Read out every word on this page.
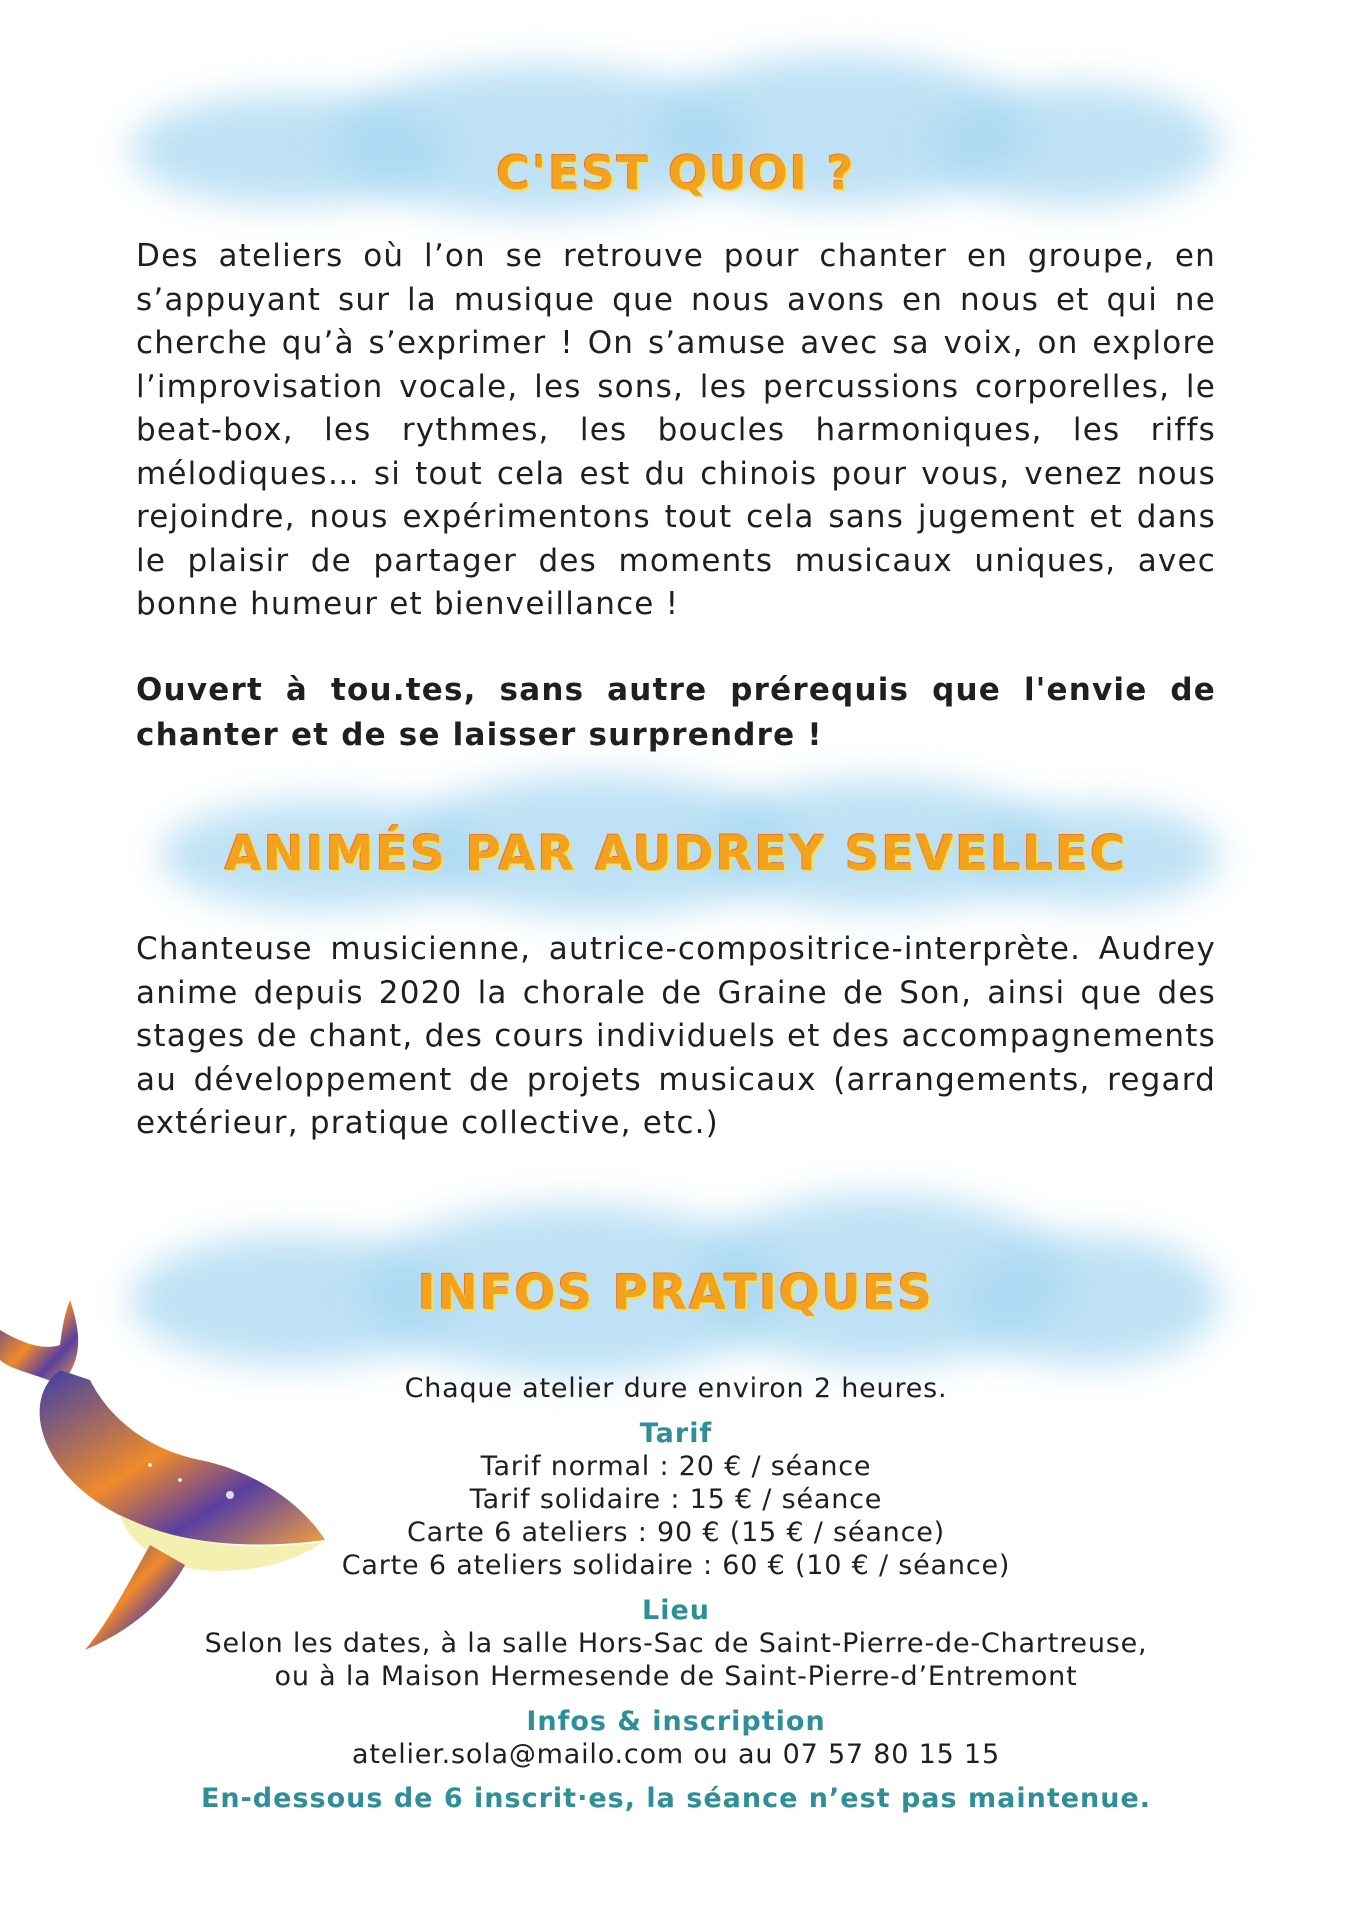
C'EST QUOI ?

Des ateliers où l’on se retrouve pour chanter en groupe, en s’appuyant sur la musique que nous avons en nous et qui ne cherche qu’à s’exprimer ! On s’amuse avec sa voix, on explore l’improvisation vocale, les sons, les percussions corporelles, le beat-box, les rythmes, les boucles harmoniques, les riffs mélodiques… si tout cela est du chinois pour vous, venez nous rejoindre, nous expérimentons tout cela sans jugement et dans le plaisir de partager des moments musicaux uniques, avec bonne humeur et bienveillance !

Ouvert à tou.tes, sans autre prérequis que l'envie de chanter et de se laisser surprendre !

ANIMÉS PAR AUDREY SEVELLEC

Chanteuse musicienne, autrice-compositrice-interprète. Audrey anime depuis 2020 la chorale de Graine de Son, ainsi que des stages de chant, des cours individuels et des accompagnements au développement de projets musicaux (arrangements, regard extérieur, pratique collective, etc.)

INFOS PRATIQUES

Chaque atelier dure environ 2 heures.

Tarif

Tarif normal : 20 € / séance

Tarif solidaire : 15 € / séance

Carte 6 ateliers : 90 € (15 € / séance)

Carte 6 ateliers solidaire : 60 € (10 € / séance)

Lieu

Selon les dates, à la salle Hors-Sac de Saint-Pierre-de-Chartreuse,

ou à la Maison Hermesende de Saint-Pierre-d’Entremont

Infos & inscription

atelier.sola@mailo.com ou au 07 57 80 15 15

En-dessous de 6 inscrit·es, la séance n’est pas maintenue.
